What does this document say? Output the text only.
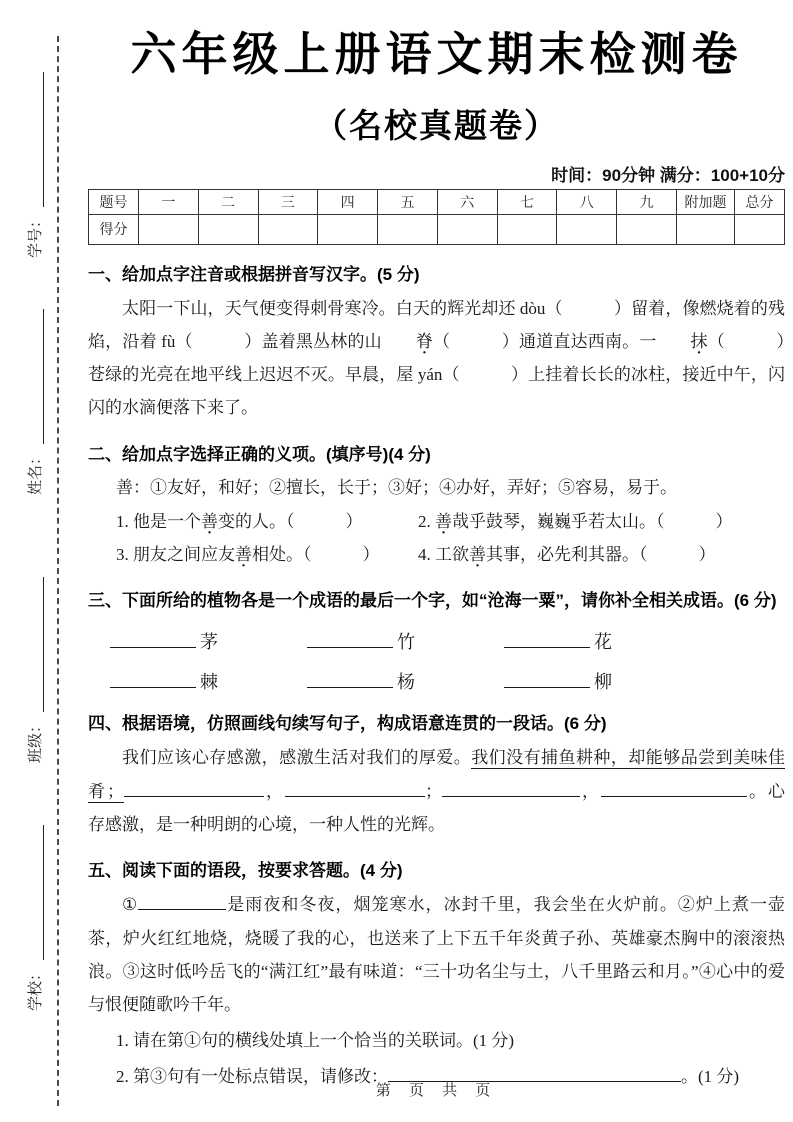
学号：
姓名：
班级：
学校：
六年级上册语文期末检测卷
（名校真题卷）
时间：90分钟 满分：100+10分
题号	一	二	三	四	五	六	七	八	九	附加题	总分
得分											
一、给加点字注音或根据拼音写汉字。(5 分)

太阳一下山，天气便变得刺骨寒冷。白天的辉光却还 dòu（　　　）留着，像燃烧着的残焰，沿着 fù（　　　）盖着黑丛林的山 脊（　　　）通道直达西南。一 抹（　　　）苍绿的光亮在地平线上迟迟不灭。早晨，屋 yán（　　　）上挂着长长的冰柱，接近中午，闪闪的水滴便落下来了。

二、给加点字选择正确的义项。(填序号)(4 分)

善：①友好，和好；②擅长，长于；③好；④办好，弄好；⑤容易，易于。

1. 他是一个善变的人。（　　　）	2. 善哉乎鼓琴，巍巍乎若太山。（　　　）
3. 朋友之间应友善相处。（　　　）	4. 工欲善其事，必先利其器。（　　　）
三、下面所给的植物各是一个成语的最后一个字，如“沧海一粟”，请你补全相关成语。(6 分)
茅	竹	花
棘	杨	柳
四、根据语境，仿照画线句续写句子，构成语意连贯的一段话。(6 分)

我们应该心存感激，感激生活对我们的厚爱。我们没有捕鱼耕种，却能够品尝到美味佳肴；	，	；	，	。心存感激，是一种明朗的心境，一种人性的光辉。

五、阅读下面的语段，按要求答题。(4 分)

①	是雨夜和冬夜，烟笼寒水，冰封千里，我会坐在火炉前。②炉上煮一壶茶，炉火红红地烧，烧暖了我的心，也送来了上下五千年炎黄子孙、英雄豪杰胸中的滚滚热浪。③这时低吟岳飞的“满江红”最有味道：“三十功名尘与土，八千里路云和月。”④心中的爱与恨便随歌吟千年。

1. 请在第①句的横线处填上一个恰当的关联词。(1 分)
2. 第③句有一处标点错误，请修改：	。(1 分)
第 页 共 页
